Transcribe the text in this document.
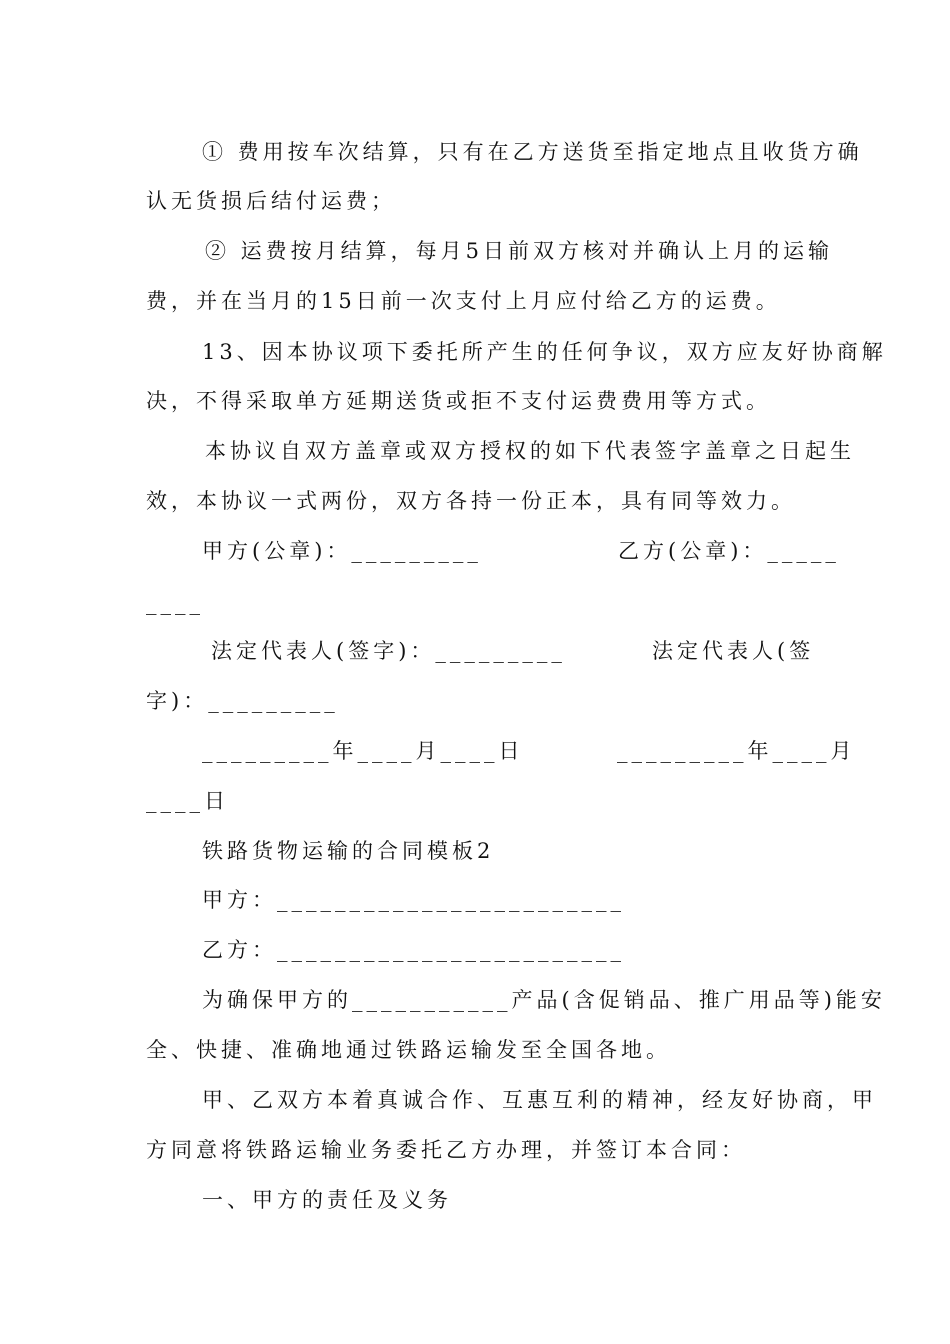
① 费用按车次结算，只有在乙方送货至指定地点且收货方确

认无货损后结付运费；

② 运费按月结算，每月5日前双方核对并确认上月的运输

费，并在当月的15日前一次支付上月应付给乙方的运费。

13、因本协议项下委托所产生的任何争议，双方应友好协商解

决，不得采取单方延期送货或拒不支付运费费用等方式。

本协议自双方盖章或双方授权的如下代表签字盖章之日起生

效，本协议一式两份，双方各持一份正本，具有同等效力。

甲方(公章)：_________	乙方(公章)：_____

____

法定代表人(签字)：_________	法定代表人(签

字)：_________

_________年____月____日	_________年____月

____日

铁路货物运输的合同模板2

甲方：________________________

乙方：________________________

为确保甲方的___________产品(含促销品、推广用品等)能安

全、快捷、准确地通过铁路运输发至全国各地。

甲、乙双方本着真诚合作、互惠互利的精神，经友好协商，甲

方同意将铁路运输业务委托乙方办理，并签订本合同：

一、甲方的责任及义务
